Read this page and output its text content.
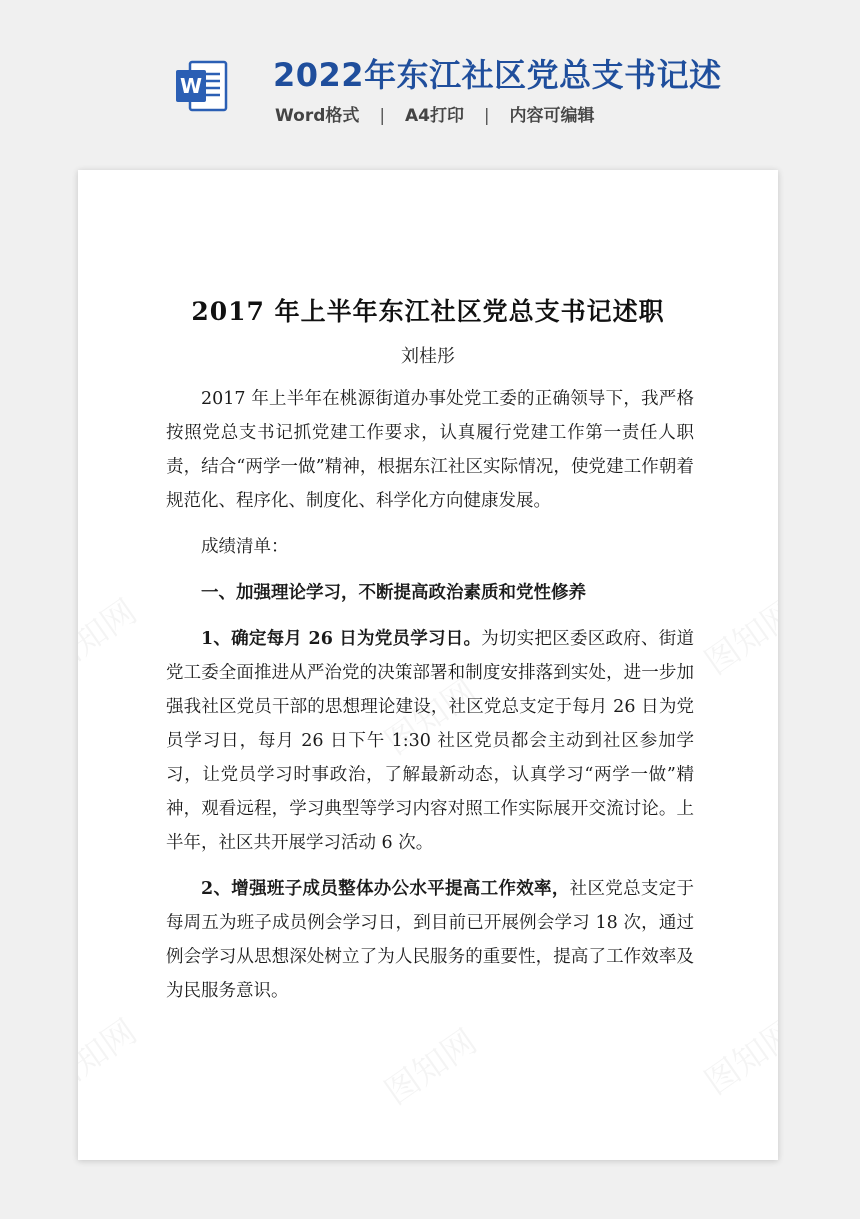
W 2022年东江社区党总支书记述
Word格式 | A4打印 | 内容可编辑
2017 年上半年东江社区党总支书记述职
刘桂彤

2017 年上半年在桃源街道办事处党工委的正确领导下，我严格按照党总支书记抓党建工作要求，认真履行党建工作第一责任人职责，结合“两学一做”精神，根据东江社区实际情况，使党建工作朝着规范化、程序化、制度化、科学化方向健康发展。

成绩清单：

一、加强理论学习，不断提高政治素质和党性修养

1、确定每月 26 日为党员学习日。为切实把区委区政府、街道党工委全面推进从严治党的决策部署和制度安排落到实处，进一步加强我社区党员干部的思想理论建设，社区党总支定于每月 26 日为党员学习日，每月 26 日下午 1:30 社区党员都会主动到社区参加学习，让党员学习时事政治，了解最新动态，认真学习“两学一做”精神，观看远程，学习典型等学习内容对照工作实际展开交流讨论。上半年，社区共开展学习活动 6 次。

2、增强班子成员整体办公水平提高工作效率，社区党总支定于每周五为班子成员例会学习日，到目前已开展例会学习 18 次，通过例会学习从思想深处树立了为人民服务的重要性，提高了工作效率及为民服务意识。
